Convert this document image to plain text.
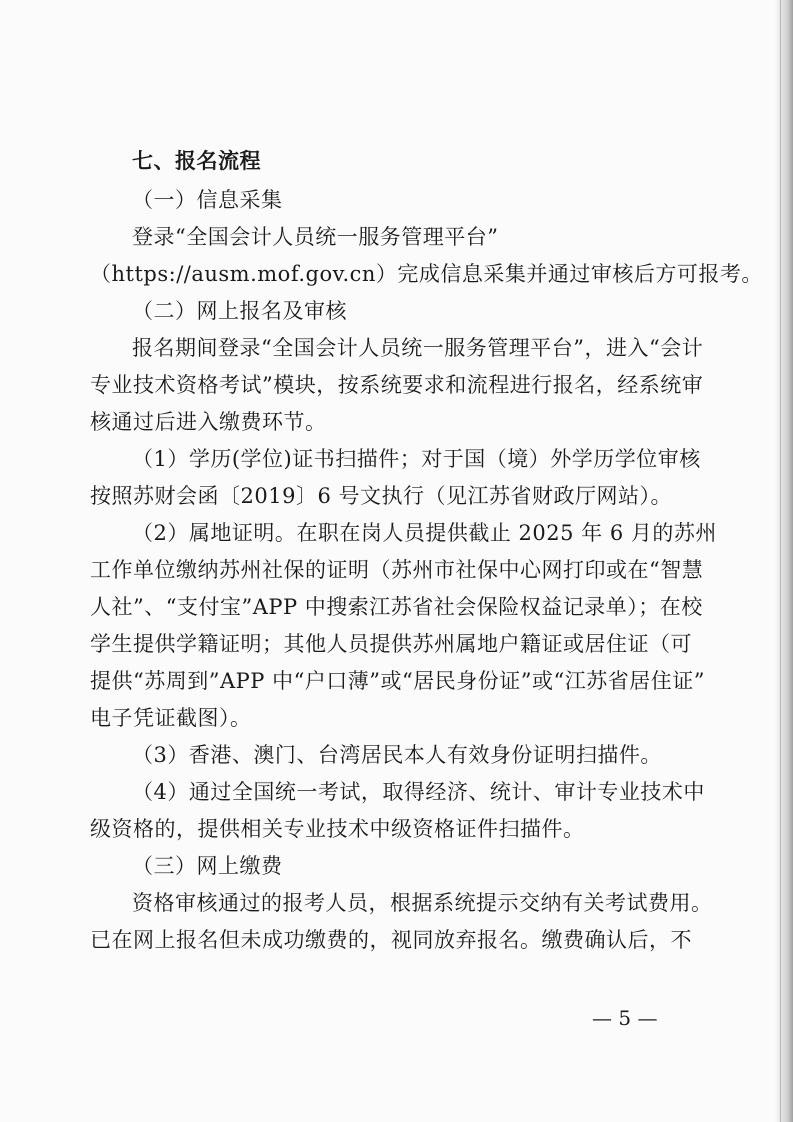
七、报名流程
（一）信息采集
登录“全国会计人员统一服务管理平台”
（https://ausm.mof.gov.cn）完成信息采集并通过审核后方可报考。
（二）网上报名及审核
报名期间登录“全国会计人员统一服务管理平台”，进入“会计
专业技术资格考试”模块，按系统要求和流程进行报名，经系统审
核通过后进入缴费环节。
（1）学历(学位)证书扫描件；对于国（境）外学历学位审核
按照苏财会函〔2019〕6 号文执行（见江苏省财政厅网站）。
（2）属地证明。在职在岗人员提供截止 2025 年 6 月的苏州
工作单位缴纳苏州社保的证明（苏州市社保中心网打印或在“智慧
人社”、“支付宝”APP 中搜索江苏省社会保险权益记录单）；在校
学生提供学籍证明；其他人员提供苏州属地户籍证或居住证（可
提供“苏周到”APP 中“户口薄”或“居民身份证”或“江苏省居住证”
电子凭证截图）。
（3）香港、澳门、台湾居民本人有效身份证明扫描件。
（4）通过全国统一考试，取得经济、统计、审计专业技术中
级资格的，提供相关专业技术中级资格证件扫描件。
（三）网上缴费
资格审核通过的报考人员，根据系统提示交纳有关考试费用。
已在网上报名但未成功缴费的，视同放弃报名。缴费确认后，不
— 5 —
